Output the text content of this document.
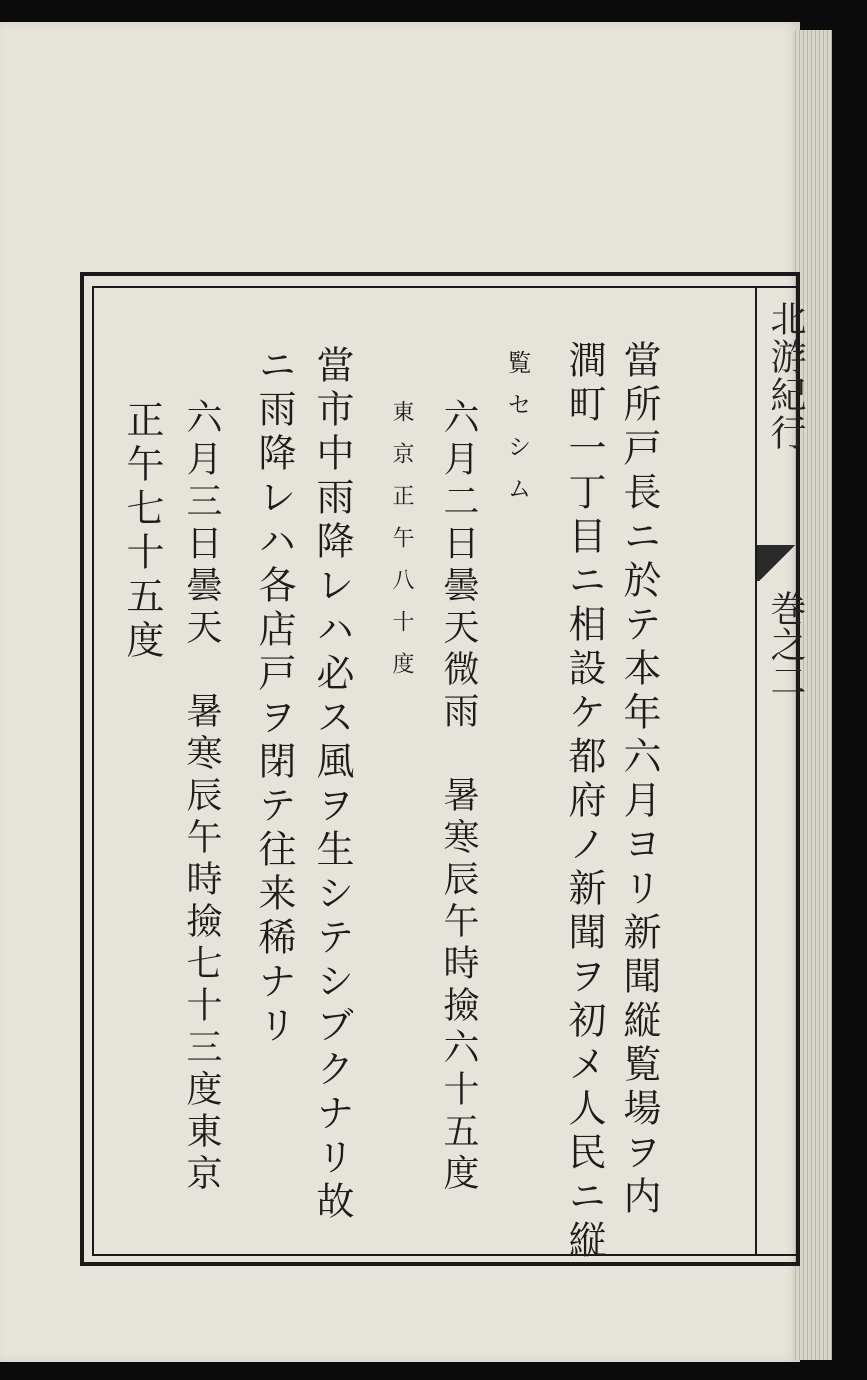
北游紀行
巻之二
當所戸長ニ於テ本年六月ヨリ新聞縦覧場ヲ内
澗町一丁目ニ相設ケ都府ノ新聞ヲ初メ人民ニ縦
覧セシム
六月二日曇天微雨　暑寒辰午時撿六十五度
東京正午八十度
當市中雨降レハ必ス風ヲ生シテシブクナリ故
ニ雨降レハ各店戸ヲ閉テ往来稀ナリ
六月三日曇天　暑寒辰午時撿七十三度東京
正午七十五度
